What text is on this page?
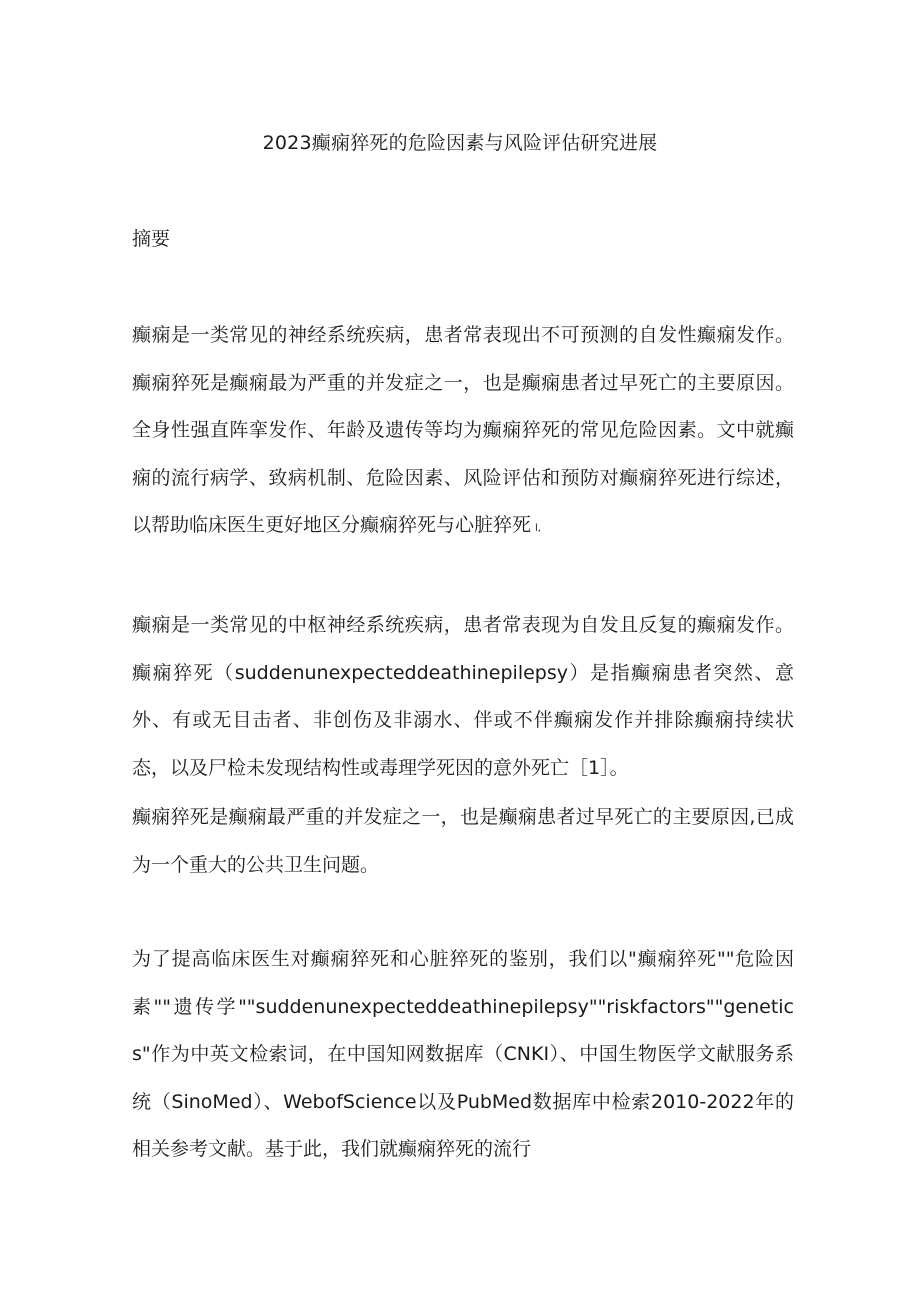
2023癫痫猝死的危险因素与风险评估研究进展
摘要

癫痫是一类常见的神经系统疾病，患者常表现出不可预测的自发性癫痫发作。癫痫猝死是癫痫最为严重的并发症之一，也是癫痫患者过早死亡的主要原因。全身性强直阵挛发作、年龄及遗传等均为癫痫猝死的常见危险因素。文中就癫痫的流行病学、致病机制、危险因素、风险评估和预防对癫痫猝死进行综述，以帮助临床医生更好地区分癫痫猝死与心脏猝死 l,

癫痫是一类常见的中枢神经系统疾病，患者常表现为自发且反复的癫痫发作。癫痫猝死（suddenunexpecteddeathinepilepsy）是指癫痫患者突然、意外、有或无目击者、非创伤及非溺水、伴或不伴癫痫发作并排除癫痫持续状态，以及尸检未发现结构性或毒理学死因的意外死亡［1］。

癫痫猝死是癫痫最严重的并发症之一，也是癫痫患者过早死亡的主要原因,已成为一个重大的公共卫生问题。

为了提高临床医生对癫痫猝死和心脏猝死的鉴别，我们以"癫痫猝死""危险因素""遗传学""suddenunexpecteddeathinepilepsy""riskfactors""genetics"作为中英文检索词，在中国知网数据库（CNKI）、中国生物医学文献服务系统（SinoMed）、WebofScience以及PubMed数据库中检索2010-2022年的相关参考文献。基于此，我们就癫痫猝死的流行
